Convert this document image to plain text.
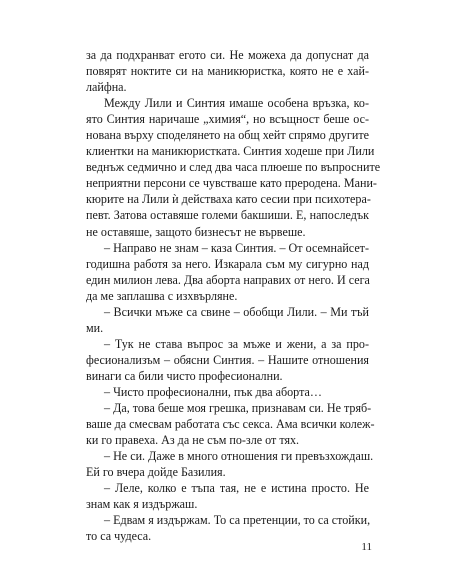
за да подхранват егото си. Не можеха да допуснат да
повярят ноктите си на маникюристка, която не е хай-
лайфна.
Между Лили и Синтия имаше особена връзка, ко-
ято Синтия наричаше „химия“, но всъщност беше ос-
нована върху споделянето на общ хейт спрямо другите
клиентки на маникюристката. Синтия ходеше при Лили
веднъж седмично и след два часа плюеше по въпросните
неприятни персони се чувстваше като преродена. Мани-
кюрите на Лили ѝ действаха като сесии при психотера-
певт. Затова оставяше големи бакшиши. Е, напоследък
не оставяше, защото бизнесът не вървеше.
– Направо не знам – каза Синтия. – От осемнайсет-
годишна работя за него. Изкарала съм му сигурно над
един милион лева. Два аборта направих от него. И сега
да ме заплашва с изхвърляне.
– Всички мъже са свине – обобщи Лили. – Ми тъй
ми.
– Тук не става въпрос за мъже и жени, а за про-
фесионализъм – обясни Синтия. – Нашите отношения
винаги са били чисто професионални.
– Чисто професионални, пък два аборта…
– Да, това беше моя грешка, признавам си. Не тряб‑
ваше да смесвам работата със секса. Ама всички колеж-
ки го правеха. Аз да не съм по-зле от тях.
– Не си. Даже в много отношения ги превъзхождаш.
Ей го вчера дойде Базилия.
– Леле, колко е тъпа тая, не е истина просто. Не
знам как я издържаш.
– Едвам я издържам. То са претенции, то са стойки,
то са чудеса.
11
